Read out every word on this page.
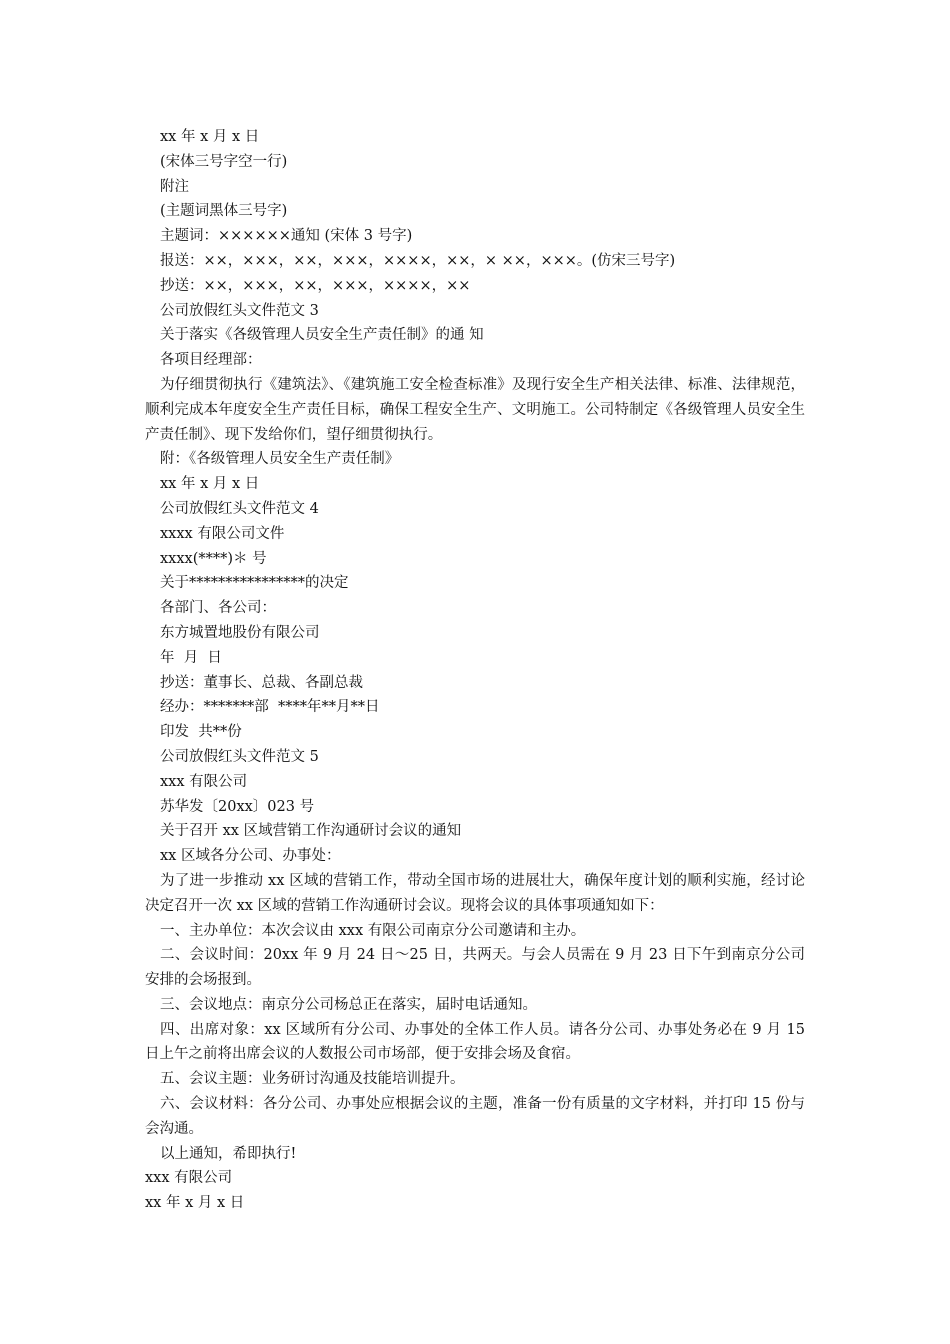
xx 年 x 月 x 日

(宋体三号字空一行)

附注

(主题词黑体三号字)

主题词：××××××通知 (宋体 3 号字)

报送：××，×××，××，×××，××××，××，× ××，×××。(仿宋三号字)

抄送：××，×××，××，×××，××××，××

公司放假红头文件范文 3

关于落实《各级管理人员安全生产责任制》的通 知

各项目经理部：

为仔细贯彻执行《建筑法》、《建筑施工安全检查标准》及现行安全生产相关法律、标准、法律规范，顺利完成本年度安全生产责任目标，确保工程安全生产、文明施工。公司特制定《各级管理人员安全生产责任制》、现下发给你们，望仔细贯彻执行。

附：《各级管理人员安全生产责任制》

xx 年 x 月 x 日

公司放假红头文件范文 4

xxxx 有限公司文件

xxxx(****)＊ 号

关于****************的决定

各部门、各公司：

东方城置地股份有限公司

年  月  日

抄送：董事长、总裁、各副总裁

经办：*******部  ****年**月**日

印发  共**份

公司放假红头文件范文 5

xxx 有限公司

苏华发〔20xx〕023 号

关于召开 xx 区域营销工作沟通研讨会议的通知

xx 区域各分公司、办事处：

为了进一步推动 xx 区域的营销工作，带动全国市场的进展壮大，确保年度计划的顺利实施，经讨论决定召开一次 xx 区域的营销工作沟通研讨会议。现将会议的具体事项通知如下：

一、主办单位：本次会议由 xxx 有限公司南京分公司邀请和主办。

二、会议时间：20xx 年 9 月 24 日～25 日，共两天。与会人员需在 9 月 23 日下午到南京分公司安排的会场报到。

三、会议地点：南京分公司杨总正在落实，届时电话通知。

四、出席对象：xx 区域所有分公司、办事处的全体工作人员。请各分公司、办事处务必在 9 月 15 日上午之前将出席会议的人数报公司市场部，便于安排会场及食宿。

五、会议主题：业务研讨沟通及技能培训提升。

六、会议材料：各分公司、办事处应根据会议的主题，准备一份有质量的文字材料，并打印 15 份与会沟通。

以上通知，希即执行!

xxx 有限公司

xx 年 x 月 x 日
